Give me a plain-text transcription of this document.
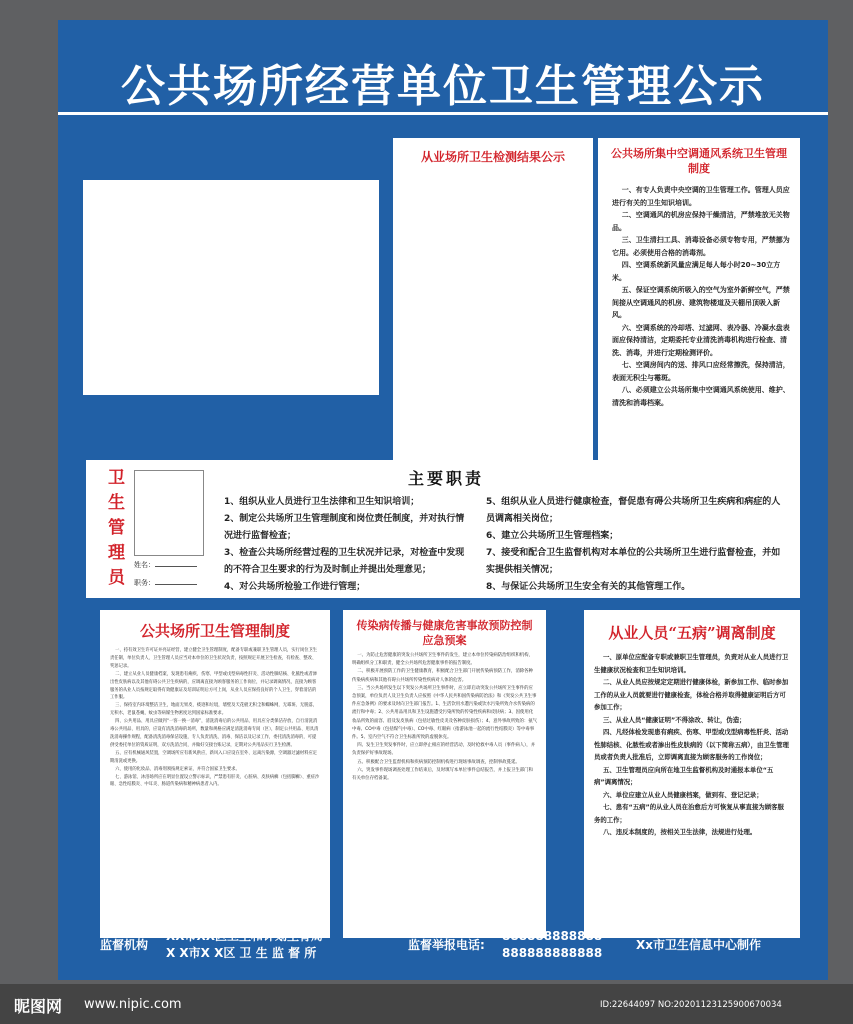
公共场所经营单位卫生管理公示
从业场所卫生检测结果公示	公共场所集中空调通风系统卫生管理制度

一、有专人负责中央空调的卫生管理工作。管理人员应进行有关的卫生知识培训。

二、空调通风的机房应保持干燥清洁，严禁堆放无关物品。

三、卫生清扫工具、消毒设备必须专物专用，严禁挪为它用。必须使用合格的消毒剂。

四、空调系统新风量应满足每人每小时20~30立方米。

五、保证空调系统所吸入的空气为室外新鲜空气，严禁间接从空调通风的机房、建筑物楼道及天棚吊顶吸入新风。

六、空调系统的冷却塔、过滤网、表冷器、冷凝水盘表面应保持清洁，定期委托专业清洗消毒机构进行检查、清洗、消毒，并进行定期检测评价。

七、空调房间内的送、排风口应经常擦洗，保持清洁，表面无积尘与霉斑。

八、必须建立公共场所集中空调通风系统使用、维护、清洗和消毒档案。

卫生管理员
姓名：
职务：
主要职责
1、组织从业人员进行卫生法律和卫生知识培训；
2、制定公共场所卫生管理制度和岗位责任制度，并对执行情况进行监督检查；
3、检查公共场所经营过程的卫生状况并记录，对检查中发现的不符合卫生要求的行为及时制止并提出处理意见；
4、对公共场所检验工作进行管理；
5、组织从业人员进行健康检查，督促患有碍公共场所卫生疾病和病症的人员调离相关岗位；
6、建立公共场所卫生管理档案；
7、接受和配合卫生监督机构对本单位的公共场所卫生进行监督检查，并如实提供相关情况；
8、与保证公共场所卫生安全有关的其他管理工作。
公共场所卫生管理制度

一、持有效卫生许可证并亮证经营，建立健全卫生管理制度，配备专职或兼职卫生管理人员，实行岗位卫生责任制，单位负责人、卫生管理人员应当对本单位的卫生状况负责，按照规定开展卫生检查，有检查、整改、奖惩记录。

二、建立从业人员健康档案，发现患有痢疾、伤寒、甲型或戊型病毒性肝炎、活动性肺结核、化脓性或者渗出性皮肤病以及其他有碍公共卫生疾病的，应调离直接为顾客服务的工作岗位，并记录调离情况，直接为顾客服务的从业人员按规定取得有效健康证及培训证明后方可上岗，从业人员应保持良好的个人卫生，穿着清洁的工作服。

三、保持室内环境整洁卫生，地面无果皮、痰迹和垃圾，墙壁及天花板无积尘和蜘蛛网，无霉斑、无脱落，无积水，老鼠苍蝇、蚊虫等病媒生物密度达到国家标准要求。

四、公共用品、用具应做到“一客一换一消毒”，清洗消毒后的公共用品、用具应分类保洁存放，自行清洗消毒公共用品、用具的，应设有清洗消毒的场所，数量和规格应满足清洗消毒专间（区），制定公共用品、用具清洗消毒操作规程，配备清洗消毒保洁设施，专人负责清洗、消毒、保洁以及记录工作，委托清洗消毒的，可提供受委托单位的资质证明，双方洗消合同，并做好交接台账记录，定期对公共用品实行卫生检测。

五、应有机械通风装置，空调场所应有新风供应，新风入口应设在室外、远离污染源，空调器过滤材料应定期清洗或更换。

六、使用的化妆品、消毒剂须按规定索证，并符合国家卫生要求。

七、游泳馆、沐浴场所应在明显位置设立警示标识，严禁患有肝炎、心脏病、皮肤病癣（包括脚癣）、重症沙眼、急性结膜炎、中耳炎、肠道传染病和精神病患者入内。

传染病传播与健康危害事故预防控制应急预案

一、为防止危害健康的突发公共场所卫生事件的发生，建立本单位传染病防治组织和机构，明确组织分工和职责，健全公共场所危害健康事件的报告制度。

二、积极开展预防工作的卫生健康教育，积极配合卫生部门开展传染病预防工作，消除各种传染病疾病和其他有碍公共场所传染性疾病对人体的危害。

三、当公共场所发生以下突发公共场所卫生事件时，应立即启动突发公共场所卫生事件的应急预案，单位负责人及卫生负责人应按照《中华人民共和国传染病防治法》和《突发公共卫生事件应急条例》的要求及时向卫生部门报告。1、生活饮用水遭污染或饮水污染所致介水传染病的流行和中毒；2、公共用品用具和卫生设施遭受污染所致的传染性疾病和皮肤病；3、因使用化妆品所致的面容、唇及发皮肤病（包括过敏性皮炎及各种皮肤损伤）；4、意外事故所致的：氨气中毒、CO中毒（包括煤气中毒）、CO中毒、红眼病（指游泳池一起的流行性结膜炎）等中毒事件。5、室内空气不符合卫生标准所致的虚脱休克。

四、发生卫生突发事件时，应立即停止相应的经营活动，及时抢救中毒人员（事件病人），并负责保护好事故现场。

五、积极配合卫生监督机构和疾病预防控制机构进行现场事故调查，控制事故蔓延。

六、突发事件现场调查处理工作结束后，及时填写本单位事件总结报告，并上报卫生部门和有关单位存档备案。

从业人员“五病”调离制度

一、原单位应配备专职或兼职卫生管理员，负责对从业人员进行卫生健康状况检查和卫生知识培训。

二、从业人员应按规定定期进行健康体检，新参加工作、临时参加工作的从业人员就要进行健康检查，体检合格并取得健康证明后方可参加工作；

三、从业人员“健康证明”不得涂改、转让，伪造；

四、凡经体检发现患有痢疾、伤寒、甲型或戊型病毒性肝炎、活动性肺结核、化脓性或者渗出性皮肤病的（以下简称五病），由卫生管理员或者负责人批准后，立即调离直接为顾客服务的工作岗位；

五、卫生管理员应向所在地卫生监督机构及时通报本单位“五病”调离情况；

六、单位应建立从业人员健康档案，做到有、登记记录；

七、患有“五病”的从业人员在治愈后方可恢复从事直接为顾客服务的工作；

八、违反本制度的，按相关卫生法律，法规进行处理。

监督机构
XX市XX区卫生和计划生育局
X X市X X区 卫 生 监 督 所
监督举报电话:
888888888888
888888888888
Xx市卫生信息中心制作
昵图网 www.nipic.com	ID:22644097 NO:20201123125900670034
